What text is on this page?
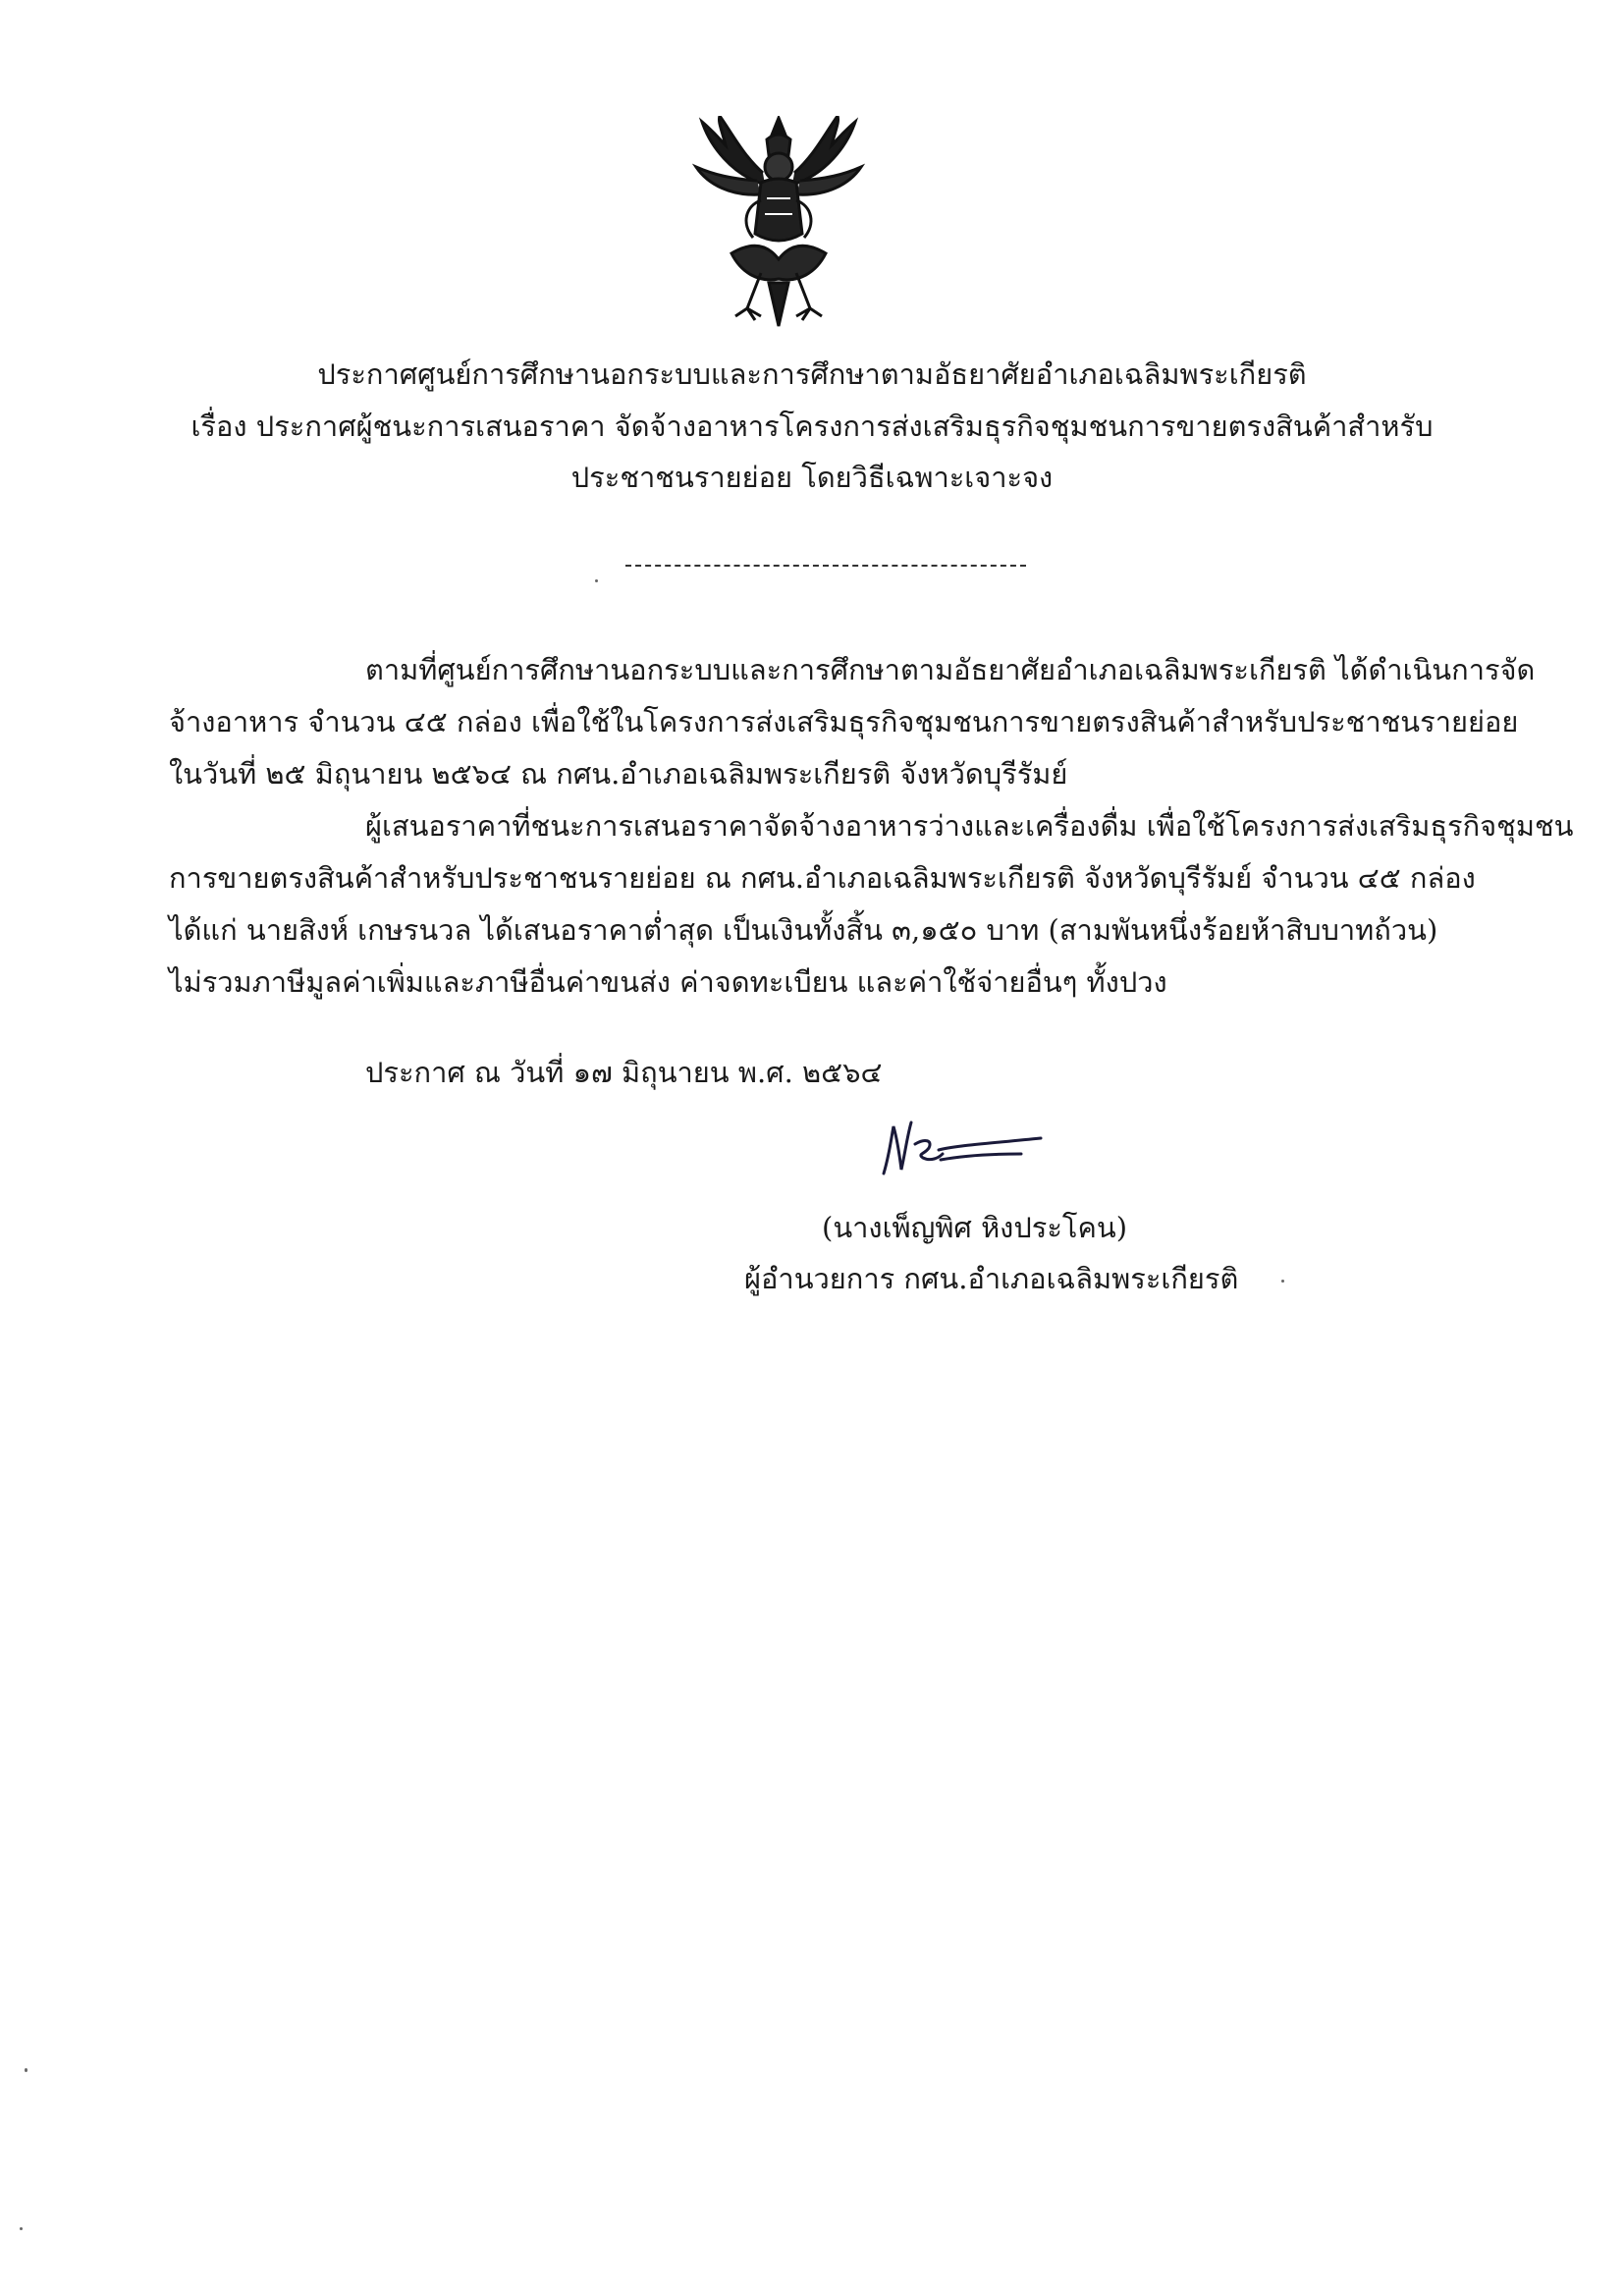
ประกาศศูนย์การศึกษานอกระบบและการศึกษาตามอัธยาศัยอำเภอเฉลิมพระเกียรติ
เรื่อง ประกาศผู้ชนะการเสนอราคา จัดจ้างอาหารโครงการส่งเสริมธุรกิจชุมชนการขายตรงสินค้าสำหรับ
ประชาชนรายย่อย โดยวิธีเฉพาะเจาะจง
ตามที่ศูนย์การศึกษานอกระบบและการศึกษาตามอัธยาศัยอำเภอเฉลิมพระเกียรติ ได้ดำเนินการจัด
จ้างอาหาร จำนวน ๔๕ กล่อง เพื่อใช้ในโครงการส่งเสริมธุรกิจชุมชนการขายตรงสินค้าสำหรับประชาชนรายย่อย
ในวันที่ ๒๕ มิถุนายน ๒๕๖๔ ณ กศน.อำเภอเฉลิมพระเกียรติ จังหวัดบุรีรัมย์
ผู้เสนอราคาที่ชนะการเสนอราคาจัดจ้างอาหารว่างและเครื่องดื่ม เพื่อใช้โครงการส่งเสริมธุรกิจชุมชน
การขายตรงสินค้าสำหรับประชาชนรายย่อย ณ กศน.อำเภอเฉลิมพระเกียรติ จังหวัดบุรีรัมย์ จำนวน ๔๕ กล่อง
ได้แก่ นายสิงห์ เกษรนวล ได้เสนอราคาต่ำสุด เป็นเงินทั้งสิ้น ๓,๑๕๐ บาท (สามพันหนึ่งร้อยห้าสิบบาทถ้วน)
ไม่รวมภาษีมูลค่าเพิ่มและภาษีอื่นค่าขนส่ง ค่าจดทะเบียน และค่าใช้จ่ายอื่นๆ ทั้งปวง
ประกาศ ณ วันที่ ๑๗ มิถุนายน พ.ศ. ๒๕๖๔
(นางเพ็ญพิศ หิงประโคน)
ผู้อำนวยการ กศน.อำเภอเฉลิมพระเกียรติ
